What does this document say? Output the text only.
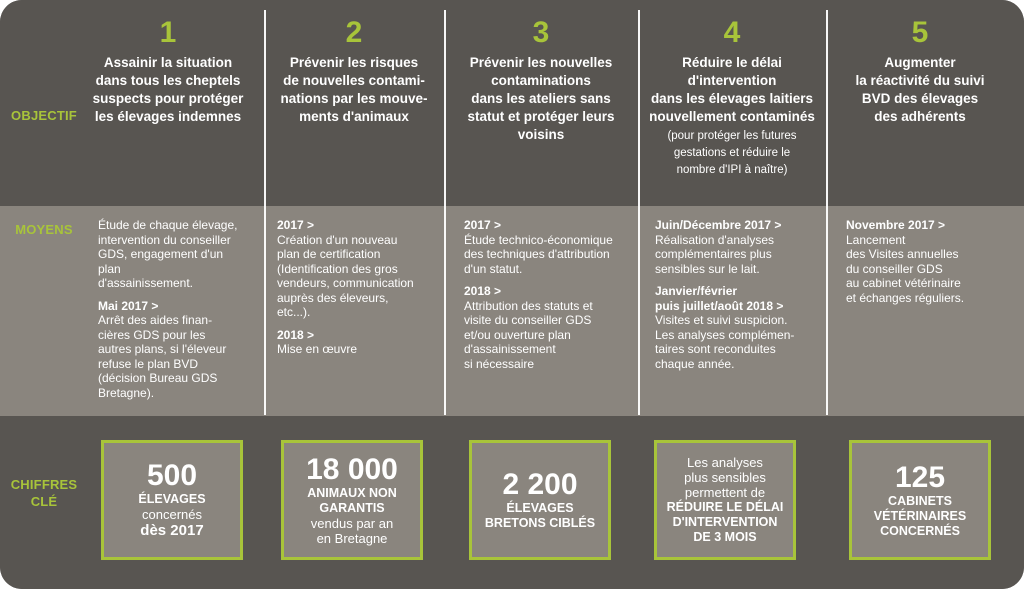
OBJECTIF
MOYENS
CHIFFRES
CLÉ
1
Assainir la situation
dans tous les cheptels
suspects pour protéger
les élevages indemnes
Étude de chaque élevage,
intervention du conseiller
GDS, engagement d'un
plan
d'assainissement.
Mai 2017 >
Arrêt des aides finan-
cières GDS pour les
autres plans, si l'éleveur
refuse le plan BVD
(décision Bureau GDS
Bretagne).
500
ÉLEVAGES
concernés
dès 2017
2
Prévenir les risques
de nouvelles contami-
nations par les mouve-
ments d'animaux
2017 >
Création d'un nouveau
plan de certification
(Identification des gros
vendeurs, communication
auprès des éleveurs,
etc...).
2018 >
Mise en œuvre
18 000
ANIMAUX NON
GARANTIS
vendus par an
en Bretagne
3
Prévenir les nouvelles
contaminations
dans les ateliers sans
statut et protéger leurs
voisins
2017 >
Étude technico-économique
des techniques d'attribution
d'un statut.
2018 >
Attribution des statuts et
visite du conseiller GDS
et/ou ouverture plan
d'assainissement
si nécessaire
2 200
ÉLEVAGES
BRETONS CIBLÉS
4
Réduire le délai
d'intervention
dans les élevages laitiers
nouvellement contaminés
(pour protéger les futures
gestations et réduire le
nombre d'IPI à naître)
Juin/Décembre 2017 >
Réalisation d'analyses
complémentaires plus
sensibles sur le lait.
Janvier/février
puis juillet/août 2018 >
Visites et suivi suspicion.
Les analyses complémen-
taires sont reconduites
chaque année.
Les analyses
plus sensibles
permettent de
RÉDUIRE LE DÉLAI
D'INTERVENTION
DE 3 MOIS
5
Augmenter
la réactivité du suivi
BVD des élevages
des adhérents
Novembre 2017 >
Lancement
des Visites annuelles
du conseiller GDS
au cabinet vétérinaire
et échanges réguliers.
125
CABINETS
VÉTÉRINAIRES
CONCERNÉS
